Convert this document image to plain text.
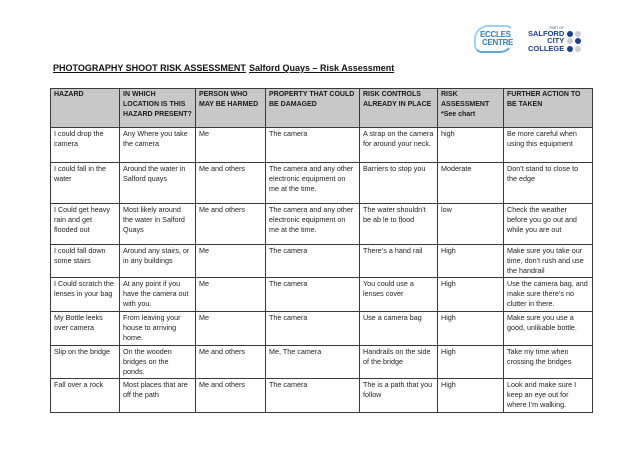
ECCLES
CENTRE
PART OF
SALFORD
CITY
COLLEGE
PHOTOGRAPHY SHOOT RISK ASSESSMENT Salford Quays – Risk Assessment
HAZARD	IN WHICH LOCATION IS THIS HAZARD PRESENT?	PERSON WHO MAY BE HARMED	PROPERTY THAT COULD BE DAMAGED	RISK CONTROLS ALREADY IN PLACE	RISK ASSESSMENT *See chart	FURTHER ACTION TO BE TAKEN
I could drop the camera	Any Where you take the camera	Me	The camera	A strap on the camera for around your neck.	high	Be more careful when using this equipment
I could fall in the water	Around the water in Salford quays	Me and others	The camera and any other electronic equipment on me at the time.	Barriers to stop you	Moderate	Don’t stand to close to the edge
I Could get heavy rain and get flooded out	Most likely around the water in Salford Quays	Me and others	The camera and any other electronic equipment on me at the time.	The water shouldn’t be ab le to flood	low	Check the weather before you go out and while you are out
I could fall down some stairs	Around any stairs, or in any buildings	Me	The camera	There’s a hand rail	High	Make sure you take our time, don’t rush and use the handrail
I Could scratch the lenses in your bag	At any point if you have the camera out with you.	Me	The camera	You could use a lenses cover	High	Use the camera bag, and make sure there’s no clutter in there.
My Bottle leeks over camera	From leaving your house to arriving home.	Me	The camera	Use a camera bag	High	Make sure you use a good, unlikable bottle.
Slip on the bridge	On the wooden bridges on the ponds.	Me and others	Me, The camera	Handrails on the side of the bridge	High	Take my time when crossing the bridges
Fall over a rock	Most places that are off the path	Me and others	The camera	The is a path that you follow	High	Look and make sure I keep an eye out for where I’m walking.
